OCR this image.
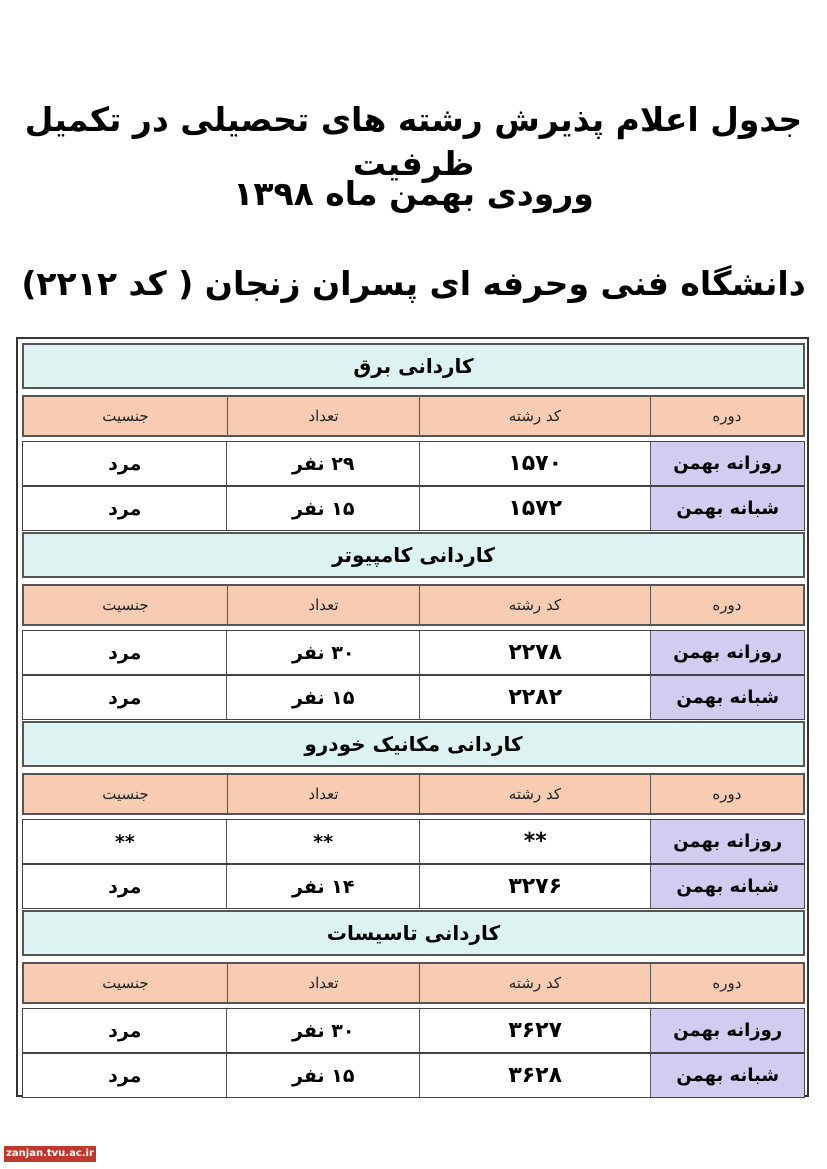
جدول اعلام پذیرش رشته های تحصیلی در تکمیل ظرفیت
ورودی بهمن ماه ۱۳۹۸
دانشگاه فنی وحرفه ای پسران زنجان ( کد ۲۲۱۲)
کاردانی برق
دوره
کد رشته
تعداد
جنسیت
روزانه بهمن
۱۵۷۰
۲۹ نفر
مرد
شبانه بهمن
۱۵۷۲
۱۵ نفر
مرد
کاردانی کامپیوتر
دوره
کد رشته
تعداد
جنسیت
روزانه بهمن
۲۲۷۸
۳۰ نفر
مرد
شبانه بهمن
۲۲۸۲
۱۵ نفر
مرد
کاردانی مکانیک خودرو
دوره
کد رشته
تعداد
جنسیت
روزانه بهمن
**
**
**
شبانه بهمن
۳۲۷۶
۱۴ نفر
مرد
کاردانی تاسیسات
دوره
کد رشته
تعداد
جنسیت
روزانه بهمن
۳۶۲۷
۳۰ نفر
مرد
شبانه بهمن
۳۶۲۸
۱۵ نفر
مرد
zanjan.tvu.ac.ir
